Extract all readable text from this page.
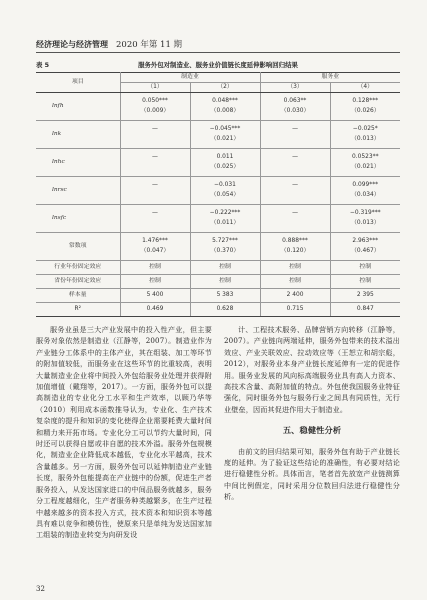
经济理论与经济管理 2020 年第 11 期
表 5	服务外包对制造业、服务业价值链长度延伸影响回归结果
项目	制造业		服务业	
	（1）	（2）	（3）	（4）
lnfh	0.050***	0.048***	0.063**	0.128***
	（0.009）	（0.008）	（0.030）	（0.026）
lnk	—	−0.045***	—	−0.025*
		（0.021）		（0.013）
lnhc	—	0.011	—	0.0523**
		（0.025）		（0.021）
lnrsc	—	−0.031	—	0.099***
		（0.054）		（0.034）
lnsfc	—	−0.222***	—	−0.319***
		（0.011）		（0.013）
常数项	1.476***	5.727***	0.888***	2.963***
	（0.047）	（0.370）	（0.120）	（0.467）
行业年份固定效应	控制	控制	控制	控制
省份年份固定效应	控制	控制	控制	控制
样本量	5 400	5 383	2 400	2 395
R²	0.469	0.628	0.715	0.847

服务业虽是三大产业发展中的投入性产业，但主要服务对象依然是制造业（江静等，2007）。制造业作为产业链分工体系中的主体产业，其在组装、加工等环节的附加值较低，而服务业在这些环节的比重较高，表明大量制造业企业将中间投入外包给服务业处理并获得附加值增值（戴翔等，2017）。一方面，服务外包可以提高制造业的专业化分工水平和生产效率，以顾乃华等（2010）利用成本函数推导认为，专业化、生产技术复杂度的提升和知识的变化使得企业需要耗费大量时间和精力来开拓市场。专业化分工可以节约大量时间，同时还可以获得自愿或非自愿的技术外溢。服务外包规模化，制造业企业降低成本越低，专业化水平越高，技术含量越多。另一方面，服务外包可以延伸制造业产业链长度，服务外包能提高在产业链中的份额，促进生产者服务投入，从发达国家进口的中间品服务就越多，服务分工程度越细化，生产者服务种类越繁多，在生产过程中越来越多的资本投入方式，技术资本和知识资本等越具有难以竞争和模仿性，使原来只是单纯为发达国家加工组装的制造业转变为向研发设

计、工程技术服务、品牌营销方向转移（江静等，2007）。产业链向两端延伸，服务外包带来的技术溢出效应、产业关联效应、拉动效应等（王恕立和胡宗彪，2012），对服务业本身产业链长度延伸有一定的促进作用。服务业发展的风向标高端服务业具有高人力资本、高技术含量、高附加值的特点。外包使我国服务业特征强化，同时服务外包与服务行业之间具有同质性，无行业壁垒，因而其促进作用大于制造业。

五、稳健性分析

由前文的回归结果可知，服务外包有助于产业链长度的延伸。为了验证这些结论的准确性，有必要对结论进行稳健性分析。具体而言，笔者首先放宽产业链测算中间比例假定，同时采用分位数回归法进行稳健性分析。

32
